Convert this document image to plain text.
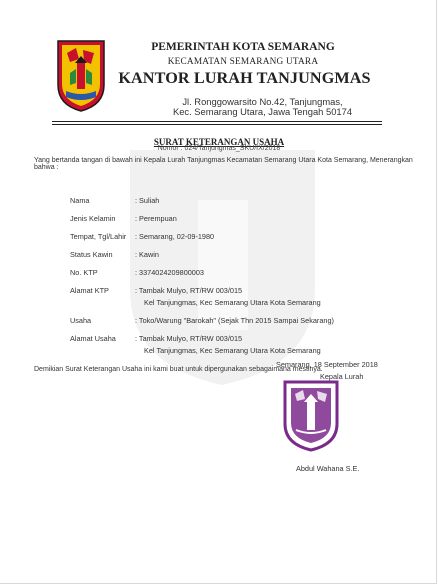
PEMERINTAH KOTA SEMARANG
KECAMATAN SEMARANG UTARA
KANTOR LURAH TANJUNGMAS
Jl. Ronggowarsito No.42, Tanjungmas,
Kec. Semarang Utara, Jawa Tengah 50174
SURAT KETERANGAN USAHA
Nomor : 024/Tanjungmas_SKU/IX/2018
Yang bertanda tangan di bawah ini Kepala Lurah Tanjungmas Kecamatan Semarang Utara Kota Semarang, Menerangkan bahwa :
Nama	: Suliah
Jenis Kelamin	: Perempuan
Tempat, Tgl/Lahir : Semarang, 02-09-1980
Status Kawin	: Kawin
No. KTP	: 3374024209800003
Alamat KTP	: Tambak Mulyo, RT/RW 003/015
Kel Tanjungmas, Kec Semarang Utara Kota Semarang
Usaha	: Toko/Warung "Barokah" (Sejak Thn 2015 Sampai Sekarang)
Alamat Usaha	: Tambak Mulyo, RT/RW 003/015
Kel Tanjungmas, Kec Semarang Utara Kota Semarang
Demikian Surat Keterangan Usaha ini kami buat untuk dipergunakan sebagaimana mestinya.
Semarang, 18 September 2018
Kepala Lurah
Abdul Wahana S.E.
